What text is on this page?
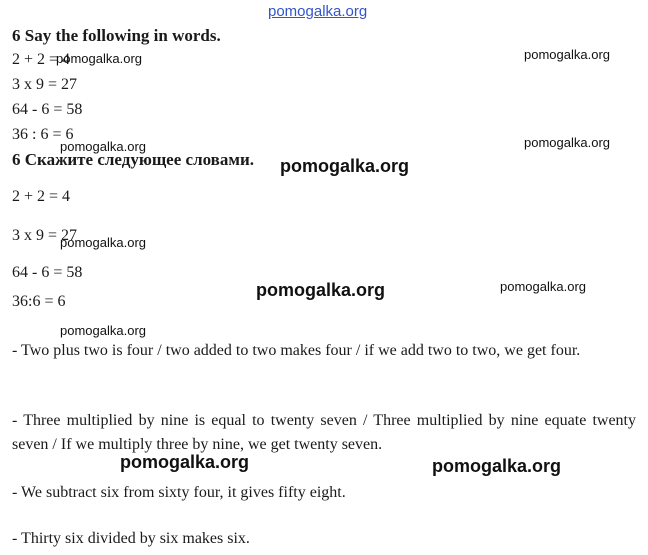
pomogalka.org
6 Say the following in words.
2 + 2 = 4
3 x 9 = 27
64 - 6 = 58
36 : 6 = 6
6 Скажите следующее словами.
2 + 2 = 4
3 x 9 = 27
64 - 6 = 58
36:6 = 6
- Two plus two is four / two added to two makes four / if we add two to two, we get four.
- Three multiplied by nine is equal to twenty seven / Three multiplied by nine equate twenty seven / If we multiply three by nine, we get twenty seven.
- We subtract six from sixty four, it gives fifty eight.
- Thirty six divided by six makes six.
pomogalka.org	pomogalka.org
pomogalka.org	pomogalka.org
pomogalka.org
pomogalka.org
pomogalka.org	pomogalka.org
pomogalka.org
pomogalka.org	pomogalka.org
